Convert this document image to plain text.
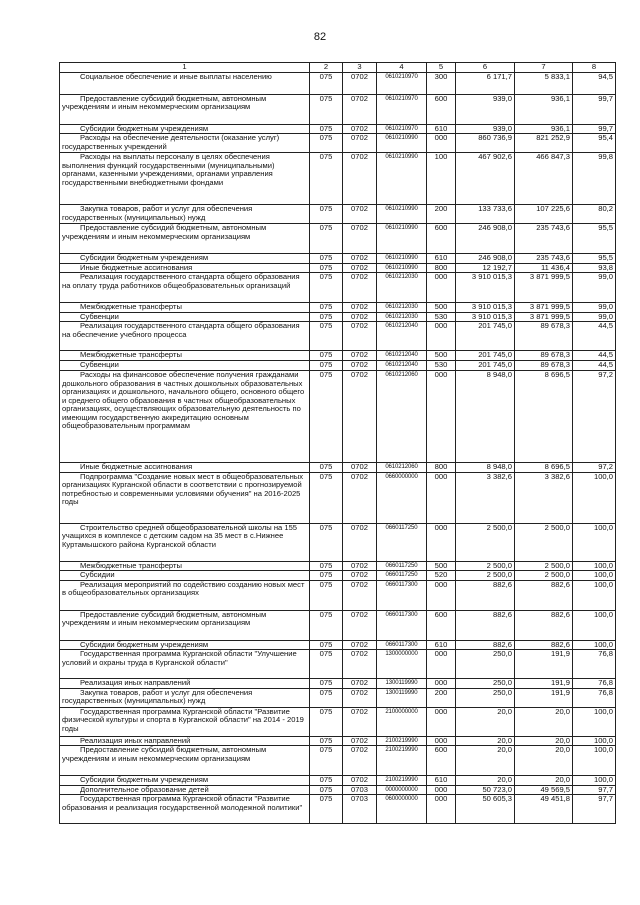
82
1	2	3	4	5	6	7	8

Социальное обеспечение и иные выплаты населению	075	0702	0610210970	300	6 171,7	5 833,1	94,5

Предоставление субсидий бюджетным, автономным учреждениям и иным некоммерческим организациям	075	0702	0610210970	600	939,0	936,1	99,7

Субсидии бюджетным учреждениям	075	0702	0610210970	610	939,0	936,1	99,7

Расходы на обеспечение деятельности (оказание услуг) государственных учреждений	075	0702	0610210990	000	860 736,9	821 252,9	95,4

Расходы на выплаты персоналу в целях обеспечения выполнения функций государственными (муниципальными) органами, казенными учреждениями, органами управления государственными внебюджетными фондами	075	0702	0610210990	100	467 902,6	466 847,3	99,8

Закупка товаров, работ и услуг для обеспечения государственных (муниципальных) нужд	075	0702	0610210990	200	133 733,6	107 225,6	80,2

Предоставление субсидий бюджетным, автономным учреждениям и иным некоммерческим организациям	075	0702	0610210990	600	246 908,0	235 743,6	95,5

Субсидии бюджетным учреждениям	075	0702	0610210990	610	246 908,0	235 743,6	95,5

Иные бюджетные ассигнования	075	0702	0610210990	800	12 192,7	11 436,4	93,8

Реализация государственного стандарта общего образования на оплату труда работников общеобразовательных организаций	075	0702	0610212030	000	3 910 015,3	3 871 999,5	99,0

Межбюджетные трансферты	075	0702	0610212030	500	3 910 015,3	3 871 999,5	99,0

Субвенции	075	0702	0610212030	530	3 910 015,3	3 871 999,5	99,0

Реализация государственного стандарта общего образования на обеспечение учебного процесса	075	0702	0610212040	000	201 745,0	89 678,3	44,5

Межбюджетные трансферты	075	0702	0610212040	500	201 745,0	89 678,3	44,5

Субвенции	075	0702	0610212040	530	201 745,0	89 678,3	44,5

Расходы на финансовое обеспечение получения гражданами дошкольного образования в частных дошкольных образовательных организациях и дошкольного, начального общего, основного общего и среднего общего образования в частных общеобразовательных организациях, осуществляющих образовательную деятельность по имеющим государственную аккредитацию основным общеобразовательным программам	075	0702	0610212060	000	8 948,0	8 696,5	97,2

Иные бюджетные ассигнования	075	0702	0610212060	800	8 948,0	8 696,5	97,2

Подпрограмма "Создание новых мест в общеобразовательных организациях Курганской области в соответствии с прогнозируемой потребностью и современными условиями обучения" на 2016-2025 годы	075	0702	0660000000	000	3 382,6	3 382,6	100,0

Строительство средней общеобразовательной школы на 155 учащихся в комплексе с детским садом на 35 мест в с.Нижнее Куртамышского района Курганской области	075	0702	0660117250	000	2 500,0	2 500,0	100,0

Межбюджетные трансферты	075	0702	0660117250	500	2 500,0	2 500,0	100,0

Субсидии	075	0702	0660117250	520	2 500,0	2 500,0	100,0

Реализация мероприятий по содействию созданию новых мест в общеобразовательных организациях	075	0702	0660117300	000	882,6	882,6	100,0

Предоставление субсидий бюджетным, автономным учреждениям и иным некоммерческим организациям	075	0702	0660117300	600	882,6	882,6	100,0

Субсидии бюджетным учреждениям	075	0702	0660117300	610	882,6	882,6	100,0

Государственная программа Курганской области "Улучшение условий и охраны труда в Курганской области"	075	0702	1300000000	000	250,0	191,9	76,8

Реализация иных направлений	075	0702	1300119990	000	250,0	191,9	76,8

Закупка товаров, работ и услуг для обеспечения государственных (муниципальных) нужд	075	0702	1300119990	200	250,0	191,9	76,8

Государственная программа Курганской области "Развитие физической культуры и спорта в Курганской области" на 2014 - 2019 годы	075	0702	2100000000	000	20,0	20,0	100,0

Реализация иных направлений	075	0702	2100219990	000	20,0	20,0	100,0

Предоставление субсидий бюджетным, автономным учреждениям и иным некоммерческим организациям	075	0702	2100219990	600	20,0	20,0	100,0

Субсидии бюджетным учреждениям	075	0702	2100219990	610	20,0	20,0	100,0

Дополнительное образование детей	075	0703	0000000000	000	50 723,0	49 569,5	97,7

Государственная программа Курганской области "Развитие образования и реализация государственной молодежной политики"	075	0703	0600000000	000	50 605,3	49 451,8	97,7
